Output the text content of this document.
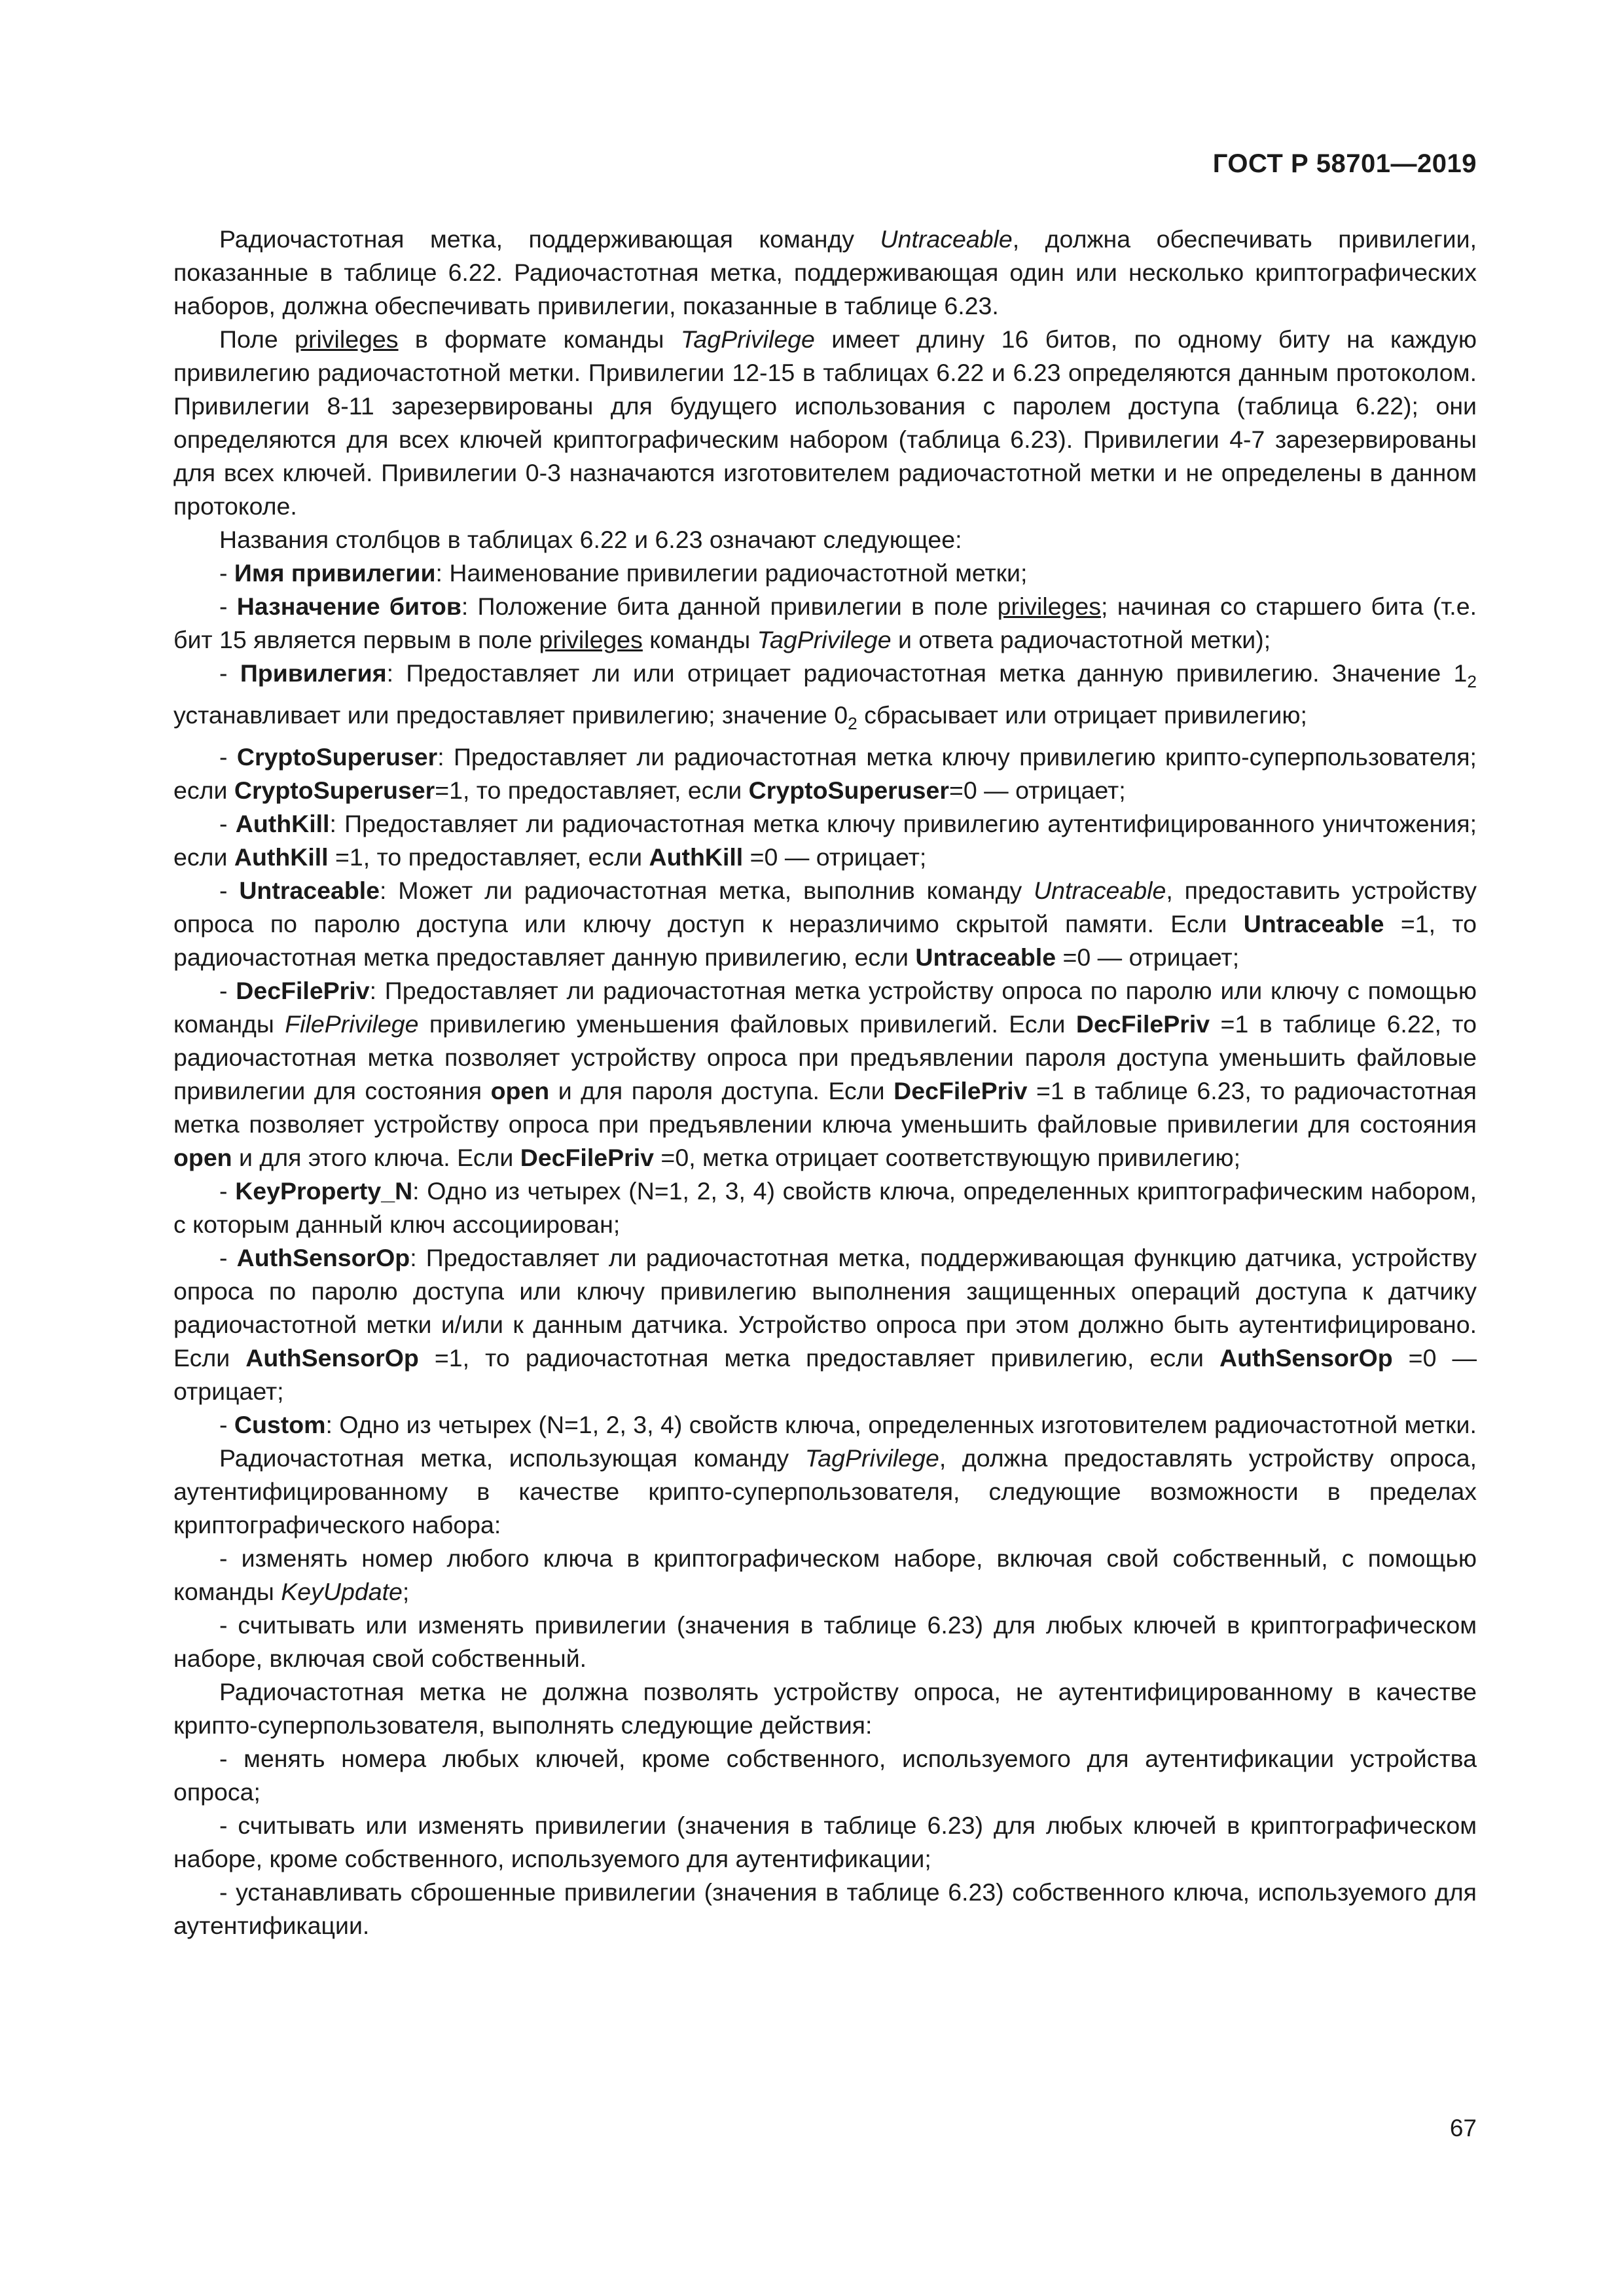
ГОСТ Р 58701—2019

Радиочастотная метка, поддерживающая команду Untraceable, должна обеспечивать привилегии, показанные в таблице 6.22. Радиочастотная метка, поддерживающая один или несколько криптографических наборов, должна обеспечивать привилегии, показанные в таблице 6.23.

Поле privileges в формате команды TagPrivilege имеет длину 16 битов, по одному биту на каждую привилегию радиочастотной метки. Привилегии 12-15 в таблицах 6.22 и 6.23 определяются данным протоколом. Привилегии 8-11 зарезервированы для будущего использования с паролем доступа (таблица 6.22); они определяются для всех ключей криптографическим набором (таблица 6.23). Привилегии 4-7 зарезервированы для всех ключей. Привилегии 0-3 назначаются изготовителем радиочастотной метки и не определены в данном протоколе.

Названия столбцов в таблицах 6.22 и 6.23 означают следующее:

- Имя привилегии: Наименование привилегии радиочастотной метки;

- Назначение битов: Положение бита данной привилегии в поле privileges; начиная со старшего бита (т.е. бит 15 является первым в поле privileges команды TagPrivilege и ответа радиочастотной метки);

- Привилегия: Предоставляет ли или отрицает радиочастотная метка данную привилегию. Значение $1_2$ устанавливает или предоставляет привилегию; значение $0_2$ сбрасывает или отрицает привилегию;

- CryptoSuperuser: Предоставляет ли радиочастотная метка ключу привилегию крипто-суперпользователя; если CryptoSuperuser=1, то предоставляет, если CryptoSuperuser=0 — отрицает;

- AuthKill: Предоставляет ли радиочастотная метка ключу привилегию аутентифицированного уничтожения; если AuthKill =1, то предоставляет, если AuthKill =0 — отрицает;

- Untraceable: Может ли радиочастотная метка, выполнив команду Untraceable, предоставить устройству опроса по паролю доступа или ключу доступ к неразличимо скрытой памяти. Если Untraceable =1, то радиочастотная метка предоставляет данную привилегию, если Untraceable =0 — отрицает;

- DecFilePriv: Предоставляет ли радиочастотная метка устройству опроса по паролю или ключу с помощью команды FilePrivilege привилегию уменьшения файловых привилегий. Если DecFilePriv =1 в таблице 6.22, то радиочастотная метка позволяет устройству опроса при предъявлении пароля доступа уменьшить файловые привилегии для состояния open и для пароля доступа. Если DecFilePriv =1 в таблице 6.23, то радиочастотная метка позволяет устройству опроса при предъявлении ключа уменьшить файловые привилегии для состояния open и для этого ключа. Если DecFilePriv =0, метка отрицает соответствующую привилегию;

- KeyProperty_N: Одно из четырех (N=1, 2, 3, 4) свойств ключа, определенных криптографическим набором, с которым данный ключ ассоциирован;

- AuthSensorOp: Предоставляет ли радиочастотная метка, поддерживающая функцию датчика, устройству опроса по паролю доступа или ключу привилегию выполнения защищенных операций доступа к датчику радиочастотной метки и/или к данным датчика. Устройство опроса при этом должно быть аутентифицировано. Если AuthSensorOp =1, то радиочастотная метка предоставляет привилегию, если AuthSensorOp =0 — отрицает;

- Custom: Одно из четырех (N=1, 2, 3, 4) свойств ключа, определенных изготовителем радиочастотной метки.

Радиочастотная метка, использующая команду TagPrivilege, должна предоставлять устройству опроса, аутентифицированному в качестве крипто-суперпользователя, следующие возможности в пределах криптографического набора:

- изменять номер любого ключа в криптографическом наборе, включая свой собственный, с помощью команды KeyUpdate;

- считывать или изменять привилегии (значения в таблице 6.23) для любых ключей в криптографическом наборе, включая свой собственный.

Радиочастотная метка не должна позволять устройству опроса, не аутентифицированному в качестве крипто-суперпользователя, выполнять следующие действия:

- менять номера любых ключей, кроме собственного, используемого для аутентификации устройства опроса;

- считывать или изменять привилегии (значения в таблице 6.23) для любых ключей в криптографическом наборе, кроме собственного, используемого для аутентификации;

- устанавливать сброшенные привилегии (значения в таблице 6.23) собственного ключа, используемого для аутентификации.

67
